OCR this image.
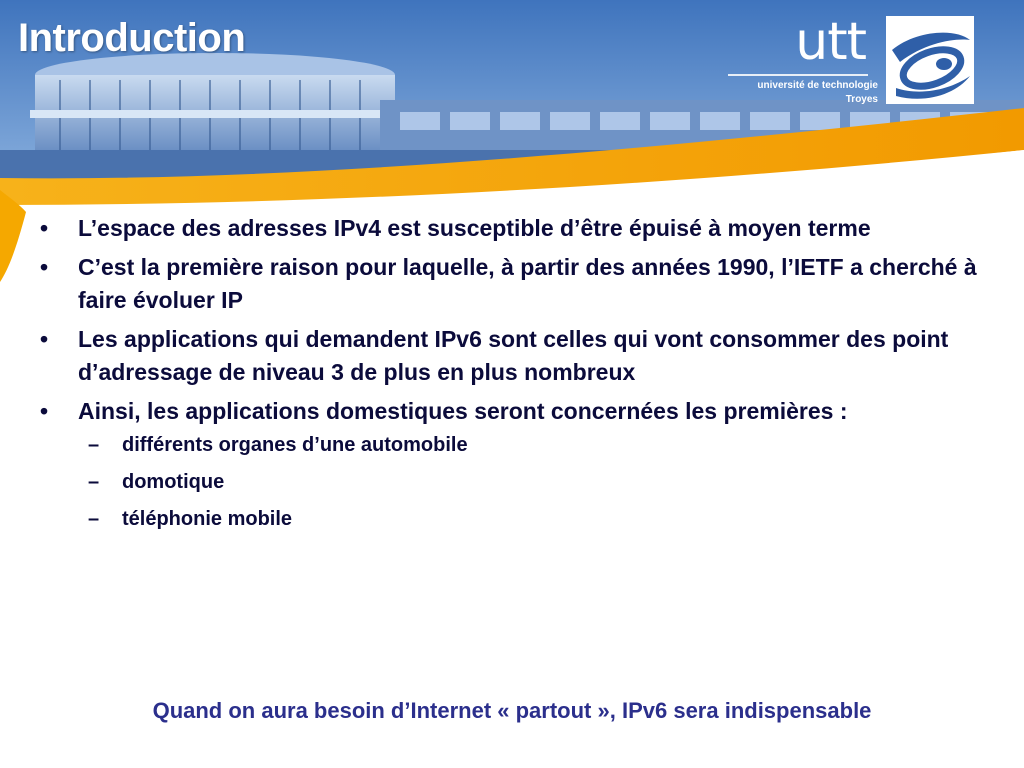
Introduction	utt
université de technologie
Troyes
• L’espace des adresses IPv4 est susceptible d’être épuisé à moyen terme
• C’est la première raison pour laquelle, à partir des années 1990, l’IETF a cherché à faire évoluer IP
• Les applications qui demandent IPv6 sont celles qui vont consommer des point d’adressage de niveau 3 de plus en plus nombreux
• Ainsi, les applications domestiques seront concernées les premières :
– différents organes d’une automobile
– domotique
– téléphonie mobile
Quand on aura besoin d’Internet « partout », IPv6 sera indispensable
